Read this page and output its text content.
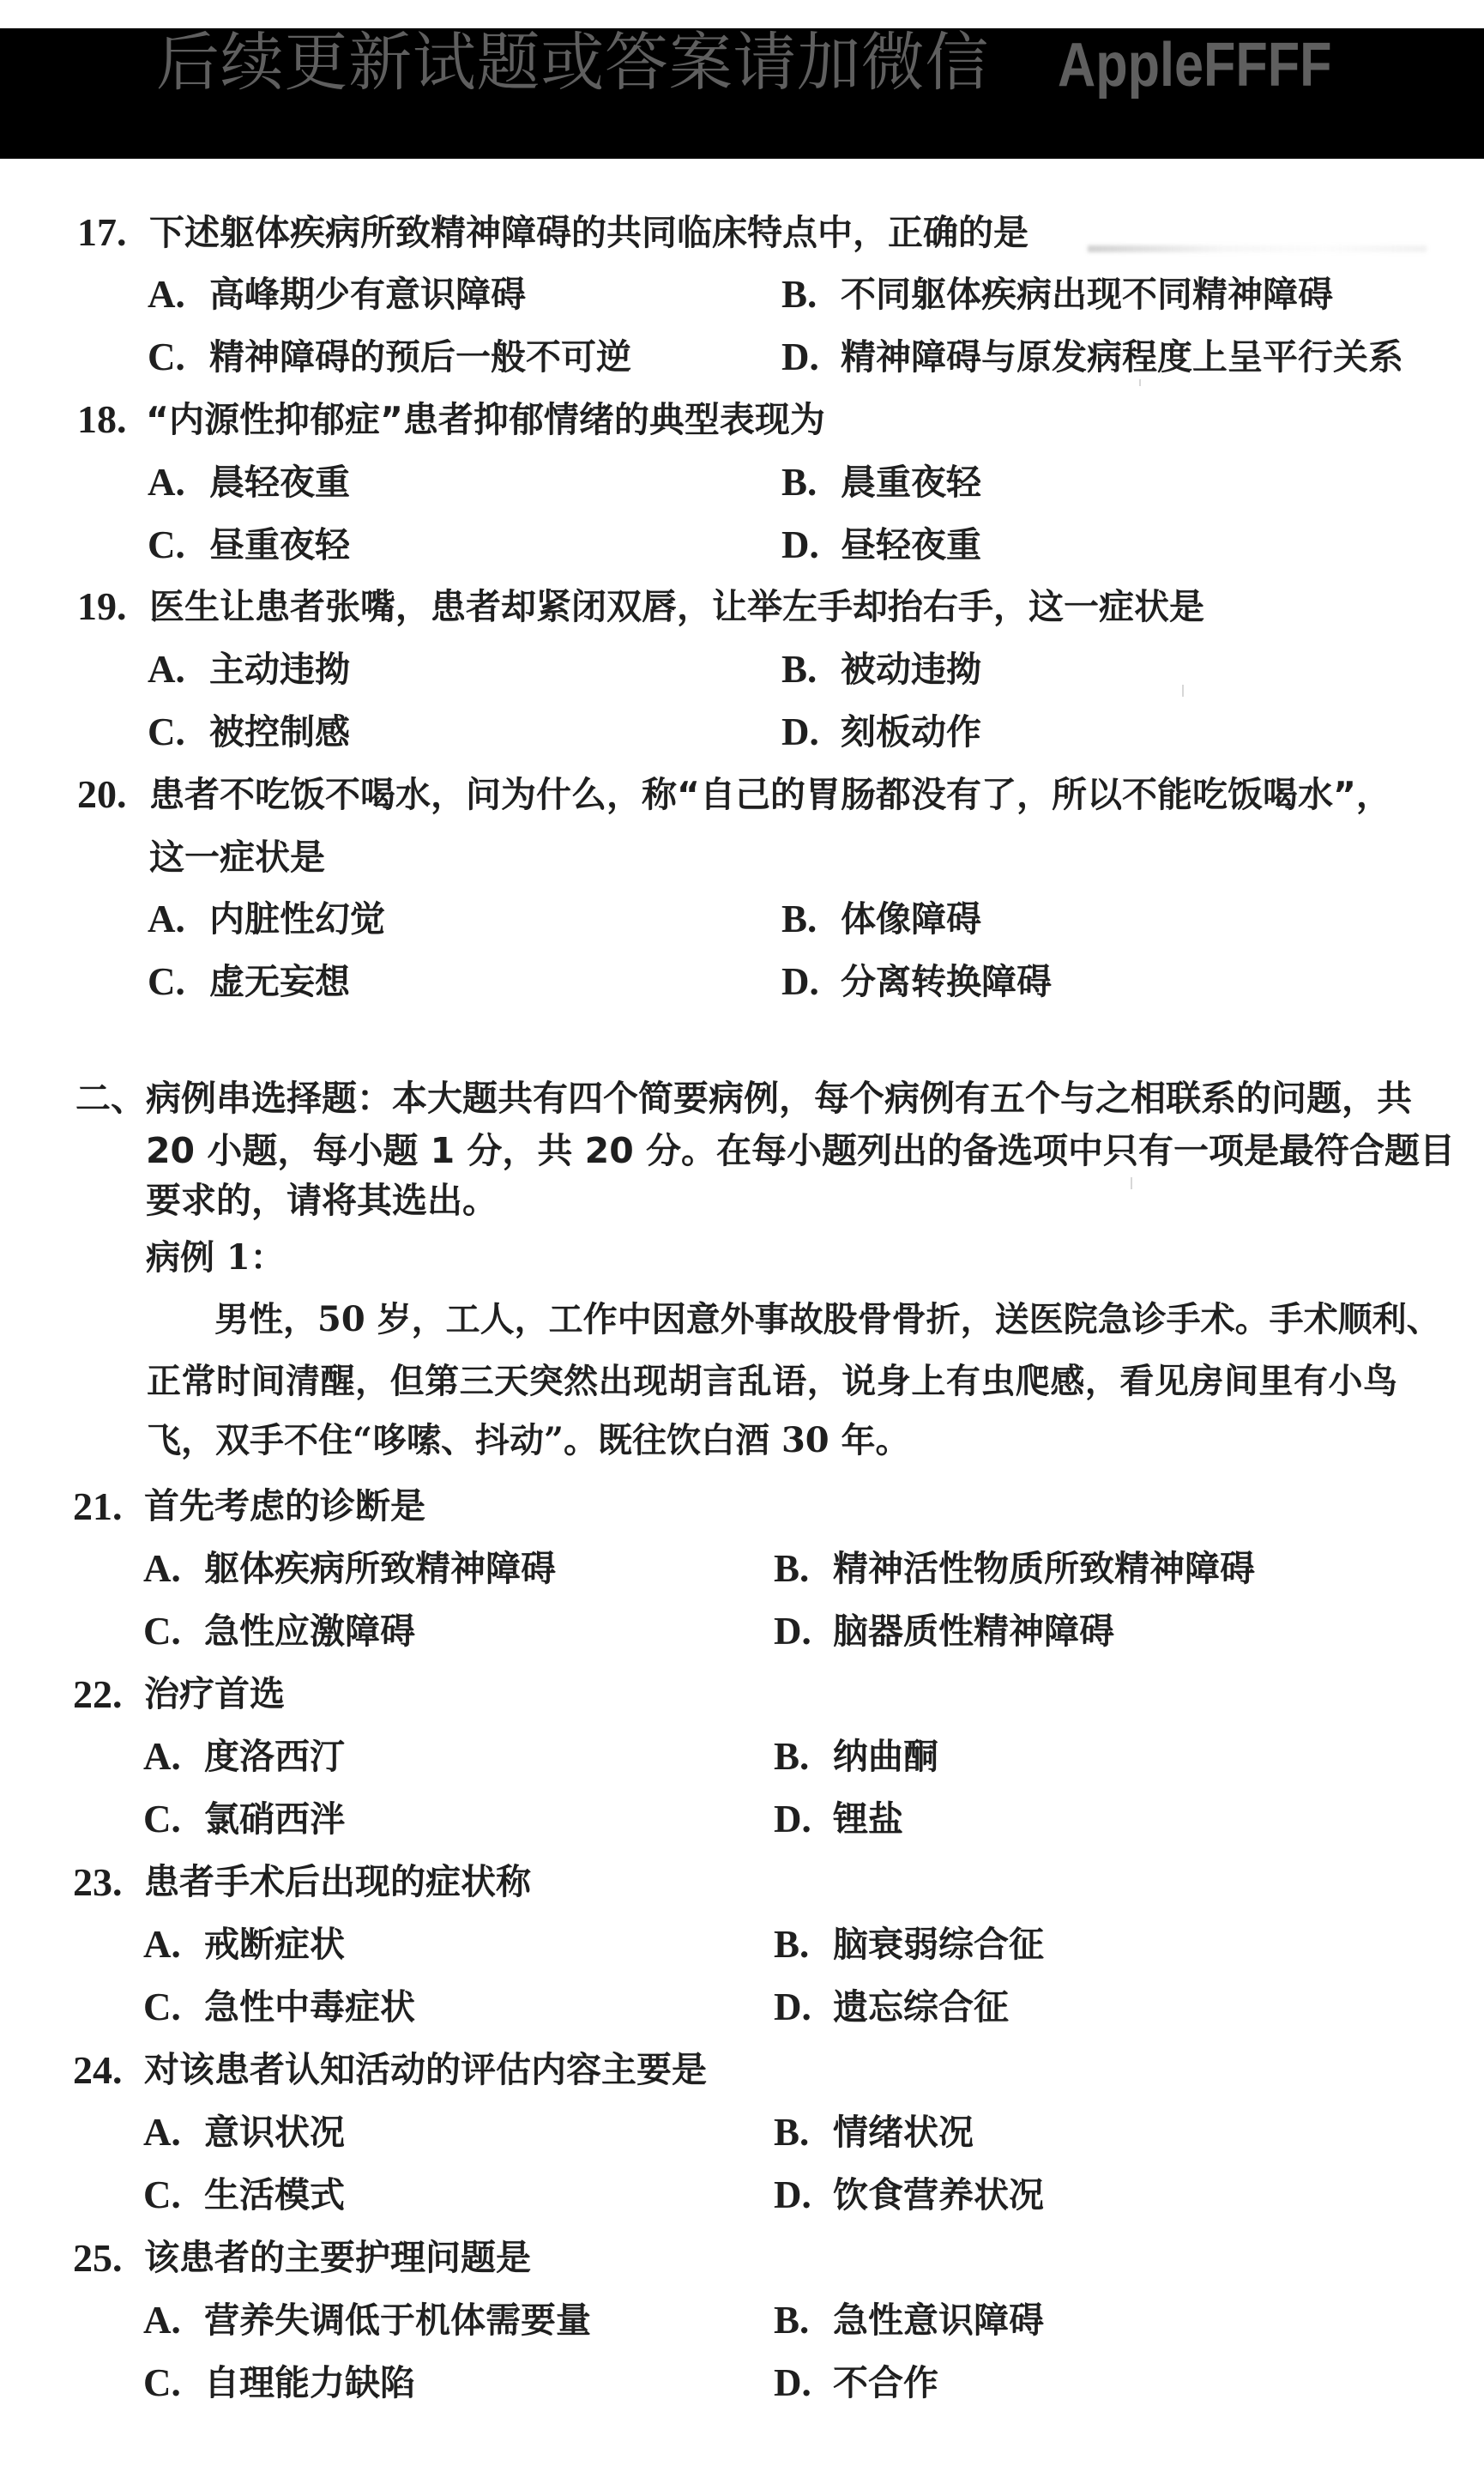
后续更新试题或答案请加微信 AppleFFFF
17. 下述躯体疾病所致精神障碍的共同临床特点中，正确的是
A. 高峰期少有意识障碍	B. 不同躯体疾病出现不同精神障碍
C. 精神障碍的预后一般不可逆	D. 精神障碍与原发病程度上呈平行关系
18. “内源性抑郁症”患者抑郁情绪的典型表现为
A. 晨轻夜重	B. 晨重夜轻
C. 昼重夜轻	D. 昼轻夜重
19. 医生让患者张嘴，患者却紧闭双唇，让举左手却抬右手，这一症状是
A. 主动违拗	B. 被动违拗
C. 被控制感	D. 刻板动作
20. 患者不吃饭不喝水，问为什么，称“自己的胃肠都没有了，所以不能吃饭喝水”，
这一症状是
A. 内脏性幻觉	B. 体像障碍
C. 虚无妄想	D. 分离转换障碍
二、 病例串选择题：本大题共有四个简要病例，每个病例有五个与之相联系的问题，共
20 小题，每小题 1 分，共 20 分。在每小题列出的备选项中只有一项是最符合题目
要求的，请将其选出。
病例 1：
男性，50 岁，工人，工作中因意外事故股骨骨折，送医院急诊手术。手术顺利、
正常时间清醒，但第三天突然出现胡言乱语，说身上有虫爬感，看见房间里有小鸟
飞，双手不住“哆嗦、抖动”。既往饮白酒 30 年。
21. 首先考虑的诊断是
A. 躯体疾病所致精神障碍	B. 精神活性物质所致精神障碍
C. 急性应激障碍	D. 脑器质性精神障碍
22. 治疗首选
A. 度洛西汀	B. 纳曲酮
C. 氯硝西泮	D. 锂盐
23. 患者手术后出现的症状称
A. 戒断症状	B. 脑衰弱综合征
C. 急性中毒症状	D. 遗忘综合征
24. 对该患者认知活动的评估内容主要是
A. 意识状况	B. 情绪状况
C. 生活模式	D. 饮食营养状况
25. 该患者的主要护理问题是
A. 营养失调低于机体需要量	B. 急性意识障碍
C. 自理能力缺陷	D. 不合作
